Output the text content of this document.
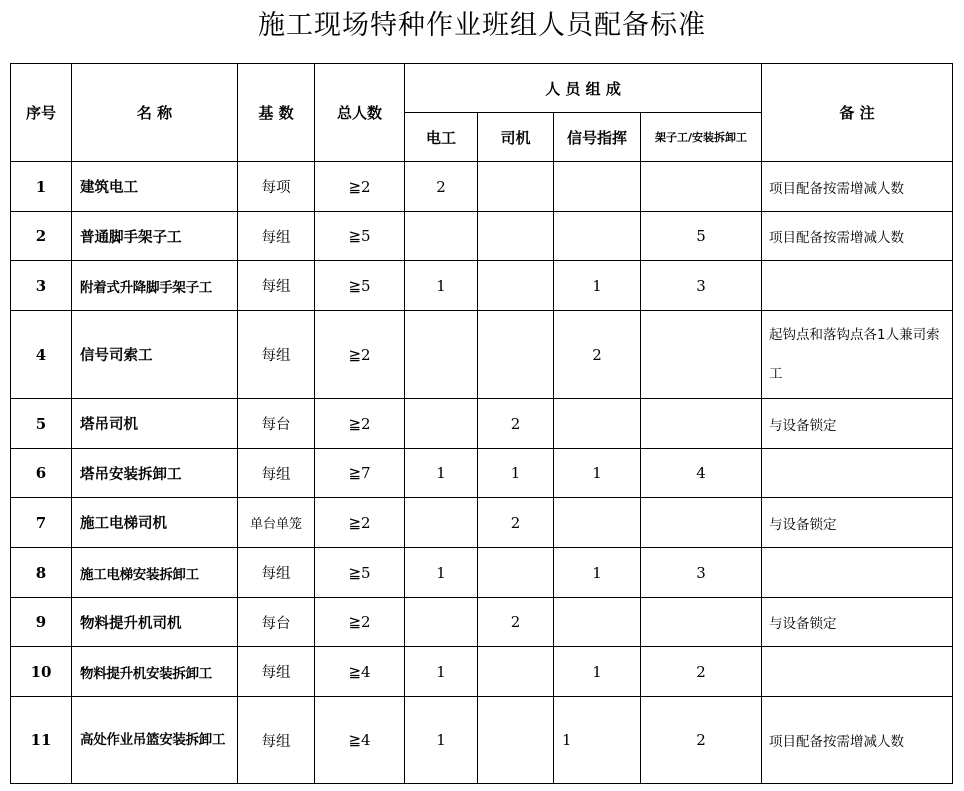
施工现场特种作业班组人员配备标准
序号	名 称	基 数	总人数	人 员 组 成				备 注
				电工	司机	信号指挥	架子工/安装拆卸工	
1	建筑电工	每项	≧2	2				项目配备按需增减人数
2	普通脚手架子工	每组	≧5				5	项目配备按需增减人数
3	附着式升降脚手架子工	每组	≧5	1		1	3	
4	信号司索工	每组	≧2			2		起钩点和落钩点各1人兼司索工
5	塔吊司机	每台	≧2		2			与设备锁定
6	塔吊安装拆卸工	每组	≧7	1	1	1	4	
7	施工电梯司机	单台单笼	≧2		2			与设备锁定
8	施工电梯安装拆卸工	每组	≧5	1		1	3	
9	物料提升机司机	每台	≧2		2			与设备锁定
10	物料提升机安装拆卸工	每组	≧4	1		1	2	
11	高处作业吊篮安装拆卸工	每组	≧4	1		1	2	项目配备按需增减人数
